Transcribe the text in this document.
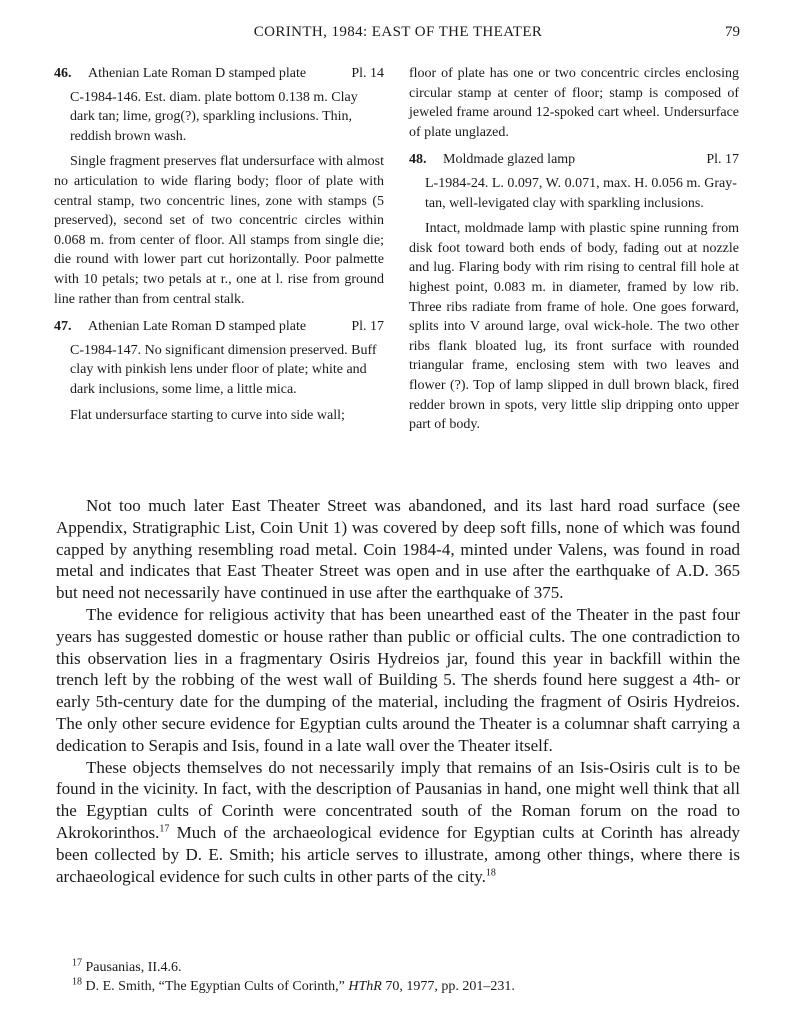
CORINTH, 1984: EAST OF THE THEATER	79
46. Athenian Late Roman D stamped plate	Pl. 14
C-1984-146. Est. diam. plate bottom 0.138 m. Clay dark tan; lime, grog(?), sparkling inclusions. Thin, reddish brown wash.
Single fragment preserves flat undersurface with almost no articulation to wide flaring body; floor of plate with central stamp, two concentric lines, zone with stamps (5 preserved), second set of two concentric circles within 0.068 m. from center of floor. All stamps from single die; die round with lower part cut horizontally. Poor palmette with 10 petals; two petals at r., one at l. rise from ground line rather than from central stalk.
47. Athenian Late Roman D stamped plate	Pl. 17
C-1984-147. No significant dimension preserved. Buff clay with pinkish lens under floor of plate; white and dark inclusions, some lime, a little mica.
Flat undersurface starting to curve into side wall;
floor of plate has one or two concentric circles enclosing circular stamp at center of floor; stamp is composed of jeweled frame around 12-spoked cart wheel. Undersurface of plate unglazed.
48. Moldmade glazed lamp	Pl. 17
L-1984-24. L. 0.097, W. 0.071, max. H. 0.056 m. Gray-tan, well-levigated clay with sparkling inclusions.
Intact, moldmade lamp with plastic spine running from disk foot toward both ends of body, fading out at nozzle and lug. Flaring body with rim rising to central fill hole at highest point, 0.083 m. in diameter, framed by low rib. Three ribs radiate from frame of hole. One goes forward, splits into V around large, oval wick-hole. The two other ribs flank bloated lug, its front surface with rounded triangular frame, enclosing stem with two leaves and flower (?). Top of lamp slipped in dull brown black, fired redder brown in spots, very little slip dripping onto upper part of body.

Not too much later East Theater Street was abandoned, and its last hard road surface (see Appendix, Stratigraphic List, Coin Unit 1) was covered by deep soft fills, none of which was found capped by anything resembling road metal. Coin 1984-4, minted under Valens, was found in road metal and indicates that East Theater Street was open and in use after the earthquake of A.D. 365 but need not necessarily have continued in use after the earthquake of 375.

The evidence for religious activity that has been unearthed east of the Theater in the past four years has suggested domestic or house rather than public or official cults. The one contradiction to this observation lies in a fragmentary Osiris Hydreios jar, found this year in backfill within the trench left by the robbing of the west wall of Building 5. The sherds found here suggest a 4th- or early 5th-century date for the dumping of the material, including the fragment of Osiris Hydreios. The only other secure evidence for Egyptian cults around the Theater is a columnar shaft carrying a dedication to Serapis and Isis, found in a late wall over the Theater itself.

These objects themselves do not necessarily imply that remains of an Isis-Osiris cult is to be found in the vicinity. In fact, with the description of Pausanias in hand, one might well think that all the Egyptian cults of Corinth were concentrated south of the Roman forum on the road to Akrokorinthos.$^{17}$ Much of the archaeological evidence for Egyptian cults at Corinth has already been collected by D. E. Smith; his article serves to illustrate, among other things, where there is archaeological evidence for such cults in other parts of the city.$^{18}$

$^{17}$ Pausanias, II.4.6.

$^{18}$ D. E. Smith, “The Egyptian Cults of Corinth,” HThR 70, 1977, pp. 201–231.
